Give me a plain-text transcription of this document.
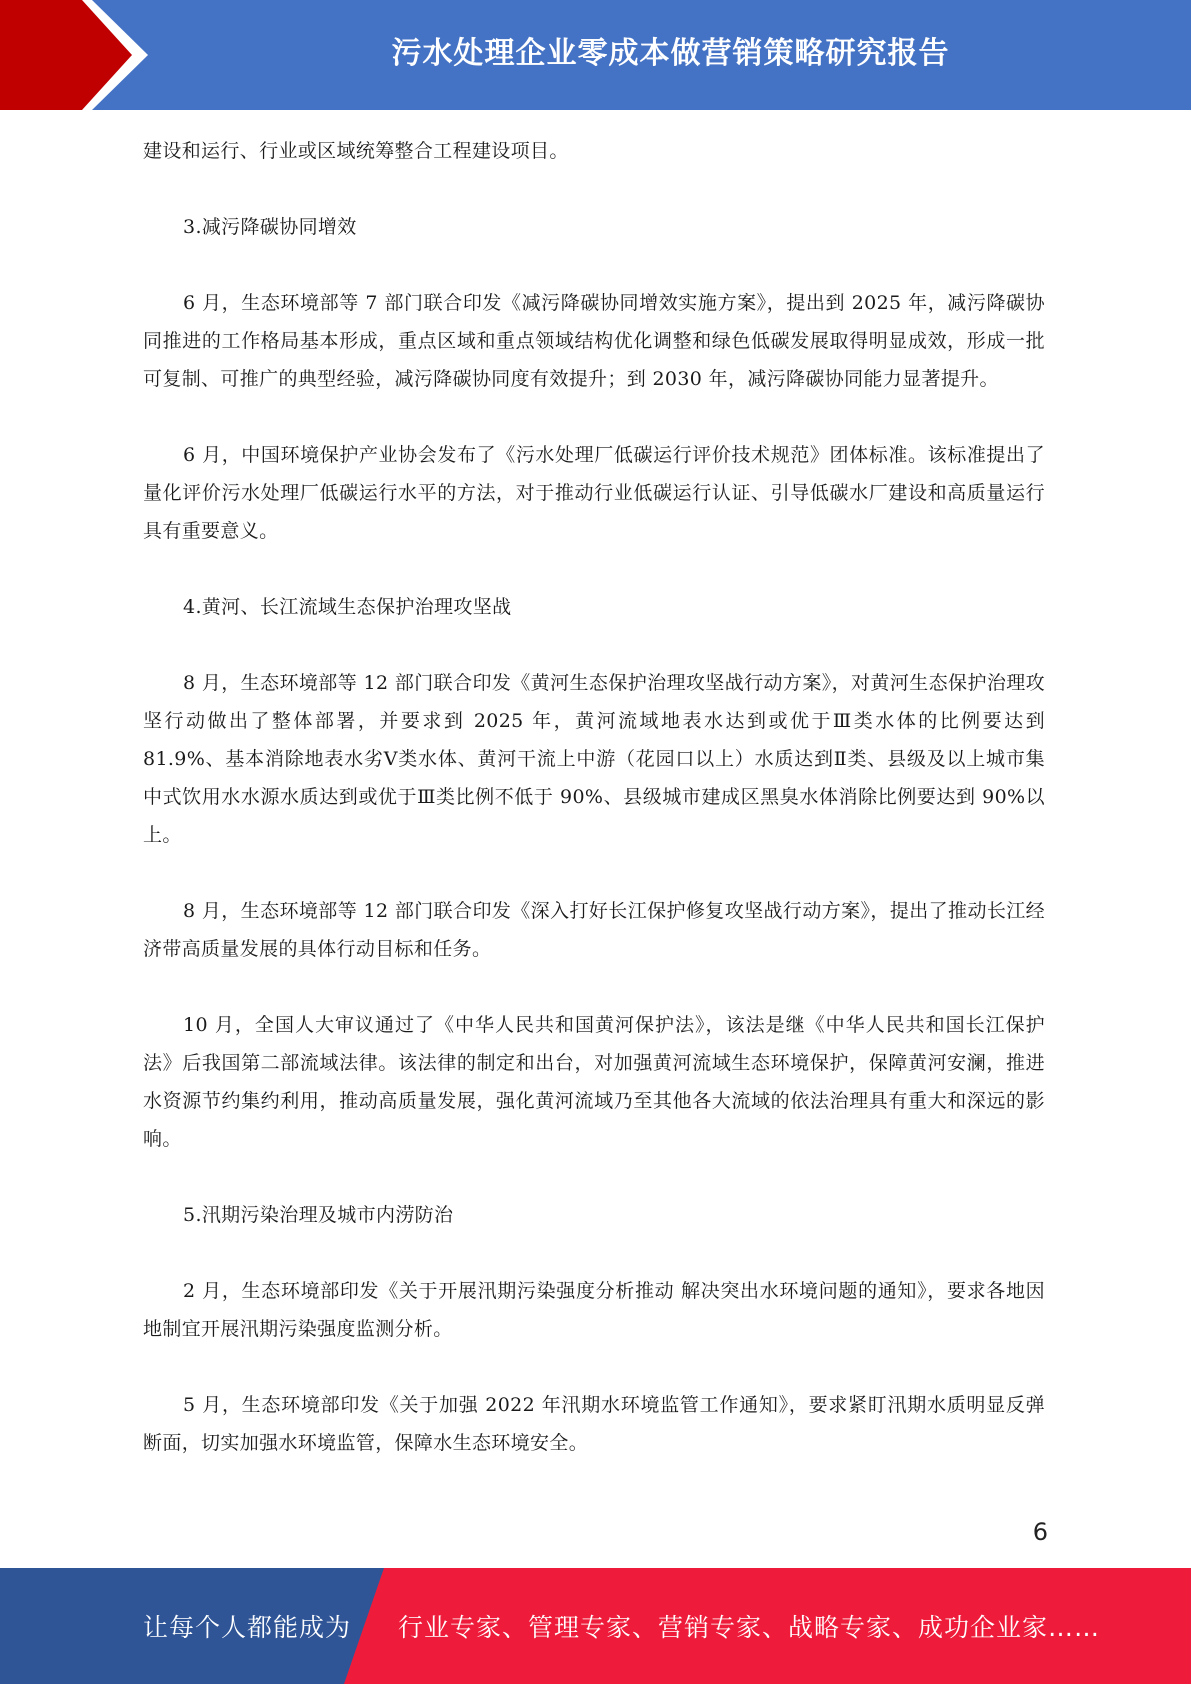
污水处理企业零成本做营销策略研究报告

建设和运行、行业或区域统筹整合工程建设项目。

3.减污降碳协同增效

6 月，生态环境部等 7 部门联合印发《减污降碳协同增效实施方案》，提出到 2025 年，减污降碳协同推进的工作格局基本形成，重点区域和重点领域结构优化调整和绿色低碳发展取得明显成效，形成一批可复制、可推广的典型经验，减污降碳协同度有效提升；到 2030 年，减污降碳协同能力显著提升。

6 月，中国环境保护产业协会发布了《污水处理厂低碳运行评价技术规范》团体标准。该标准提出了量化评价污水处理厂低碳运行水平的方法，对于推动行业低碳运行认证、引导低碳水厂建设和高质量运行具有重要意义。

4.黄河、长江流域生态保护治理攻坚战

8 月，生态环境部等 12 部门联合印发《黄河生态保护治理攻坚战行动方案》，对黄河生态保护治理攻坚行动做出了整体部署，并要求到 2025 年，黄河流域地表水达到或优于Ⅲ类水体的比例要达到 81.9%、基本消除地表水劣Ⅴ类水体、黄河干流上中游（花园口以上）水质达到Ⅱ类、县级及以上城市集中式饮用水水源水质达到或优于Ⅲ类比例不低于 90%、县级城市建成区黑臭水体消除比例要达到 90%以上。

8 月，生态环境部等 12 部门联合印发《深入打好长江保护修复攻坚战行动方案》，提出了推动长江经济带高质量发展的具体行动目标和任务。

10 月，全国人大审议通过了《中华人民共和国黄河保护法》，该法是继《中华人民共和国长江保护法》后我国第二部流域法律。该法律的制定和出台，对加强黄河流域生态环境保护，保障黄河安澜，推进水资源节约集约利用，推动高质量发展，强化黄河流域乃至其他各大流域的依法治理具有重大和深远的影响。

5.汛期污染治理及城市内涝防治

2 月，生态环境部印发《关于开展汛期污染强度分析推动 解决突出水环境问题的通知》，要求各地因地制宜开展汛期污染强度监测分析。

5 月，生态环境部印发《关于加强 2022 年汛期水环境监管工作通知》，要求紧盯汛期水质明显反弹断面，切实加强水环境监管，保障水生态环境安全。

6
让每个人都能成为 行业专家、管理专家、营销专家、战略专家、成功企业家……
